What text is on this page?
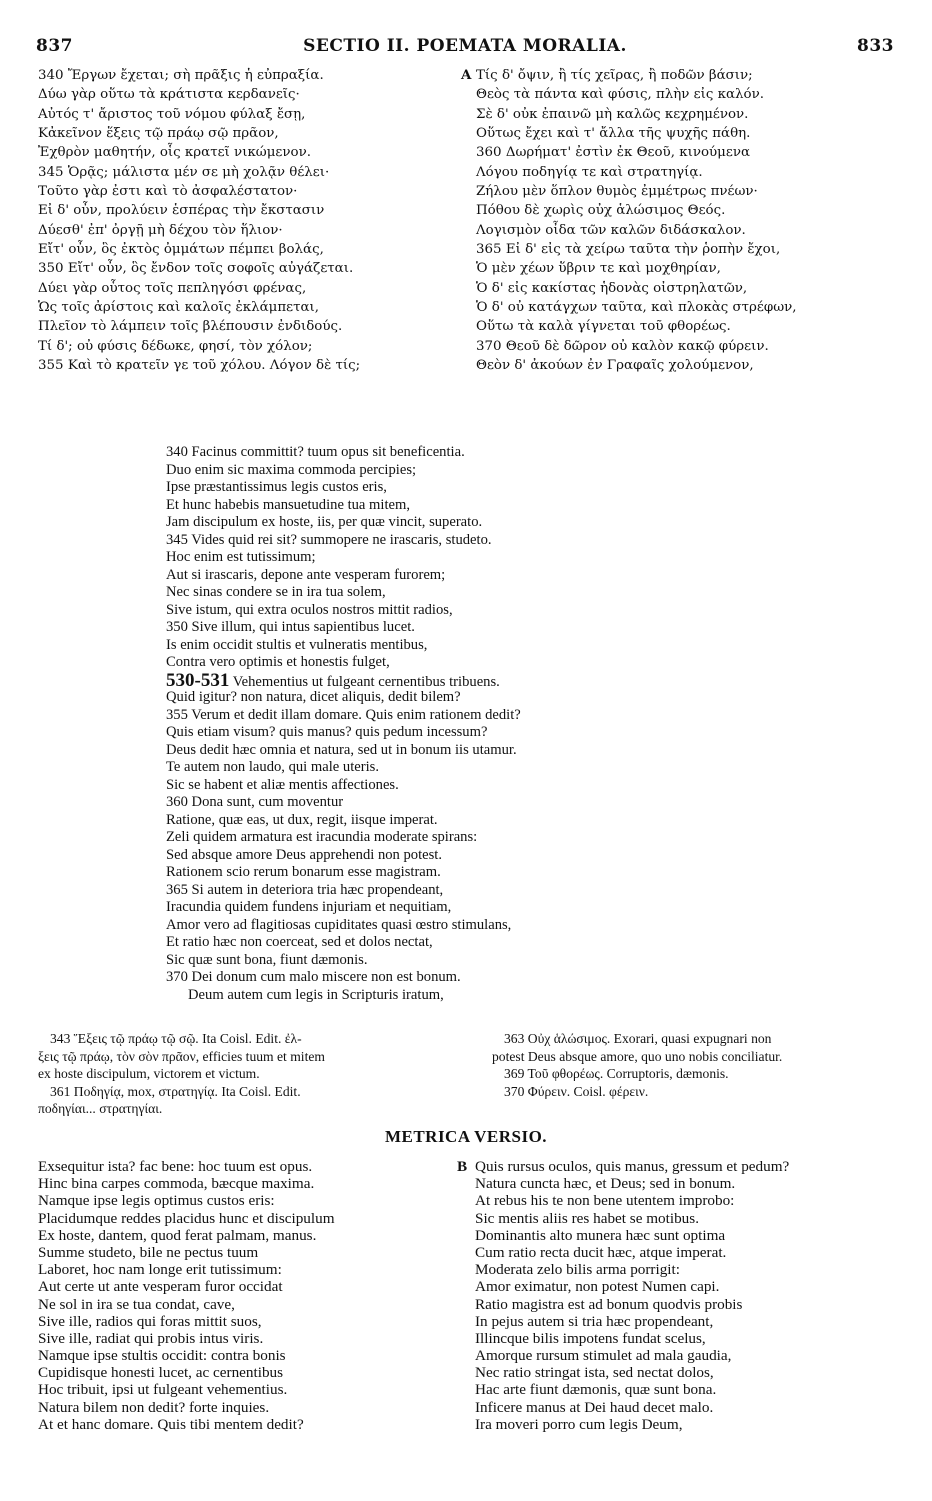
837	SECTIO II. POEMATA MORALIA.	833
340 Ἔργων ἔχεται; σὴ πρᾶξις ἡ εὐπραξία.
Δύω γὰρ οὕτω τὰ κράτιστα κερδανεῖς·
Αὐτός τ' ἄριστος τοῦ νόμου φύλαξ ἔσῃ,
Κἀκεῖνον ἕξεις τῷ πράῳ σῷ πρᾶον,
Ἐχθρὸν μαθητήν, οἷς κρατεῖ νικώμενον.
345 Ὁρᾷς; μάλιστα μέν σε μὴ χολᾷν θέλει·
Τοῦτο γὰρ ἐστι καὶ τὸ ἀσφαλέστατον·
Εἰ δ' οὖν, προλύειν ἑσπέρας τὴν ἔκστασιν
Δύεσθ' ἐπ' ὀργῇ μὴ δέχου τὸν ἥλιον·
Εἴτ' οὖν, ὃς ἐκτὸς ὀμμάτων πέμπει βολάς,
350 Εἴτ' οὖν, ὃς ἔνδον τοῖς σοφοῖς αὐγάζεται.
Δύει γὰρ οὗτος τοῖς πεπληγόσι φρένας,
Ὡς τοῖς ἀρίστοις καὶ καλοῖς ἐκλάμπεται,
Πλεῖον τὸ λάμπειν τοῖς βλέπουσιν ἐνδιδούς.
Τί δ'; οὐ φύσις δέδωκε, φησί, τὸν χόλον;
355 Καὶ τὸ κρατεῖν γε τοῦ χόλου. Λόγον δὲ τίς;
A Τίς δ' ὄψιν, ἢ τίς χεῖρας, ἢ ποδῶν βάσιν;
Θεὸς τὰ πάντα καὶ φύσις, πλὴν εἰς καλόν.
Σὲ δ' οὐκ ἐπαινῶ μὴ καλῶς κεχρημένον.
Οὕτως ἔχει καὶ τ' ἄλλα τῆς ψυχῆς πάθη.
360 Δωρήματ' ἐστὶν ἐκ Θεοῦ, κινούμενα
Λόγου ποδηγίᾳ τε καὶ στρατηγίᾳ.
Ζήλου μὲν ὅπλον θυμὸς ἐμμέτρως πνέων·
Πόθου δὲ χωρὶς οὐχ ἁλώσιμος Θεός.
Λογισμὸν οἶδα τῶν καλῶν διδάσκαλον.
365 Εἰ δ' εἰς τὰ χείρω ταῦτα τὴν ῥοπὴν ἔχοι,
Ὁ μὲν χέων ὕβριν τε καὶ μοχθηρίαν,
Ὁ δ' εἰς κακίστας ἡδονὰς οἰστρηλατῶν,
Ὁ δ' οὐ κατάγχων ταῦτα, καὶ πλοκὰς στρέφων,
Οὕτω τὰ καλὰ γίγνεται τοῦ φθορέως.
370 Θεοῦ δὲ δῶρον οὐ καλὸν κακῷ φύρειν.
Θεὸν δ' ἀκούων ἐν Γραφαῖς χολούμενον,
340 Facinus committit? tuum opus sit beneficentia.
Duo enim sic maxima commoda percipies;
Ipse præstantissimus legis custos eris,
Et hunc habebis mansuetudine tua mitem,
Jam discipulum ex hoste, iis, per quæ vincit, superato.
345 Vides quid rei sit? summopere ne irascaris, studeto.
Hoc enim est tutissimum;
Aut si irascaris, depone ante vesperam furorem;
Nec sinas condere se in ira tua solem,
Sive istum, qui extra oculos nostros mittit radios,
350 Sive illum, qui intus sapientibus lucet.
Is enim occidit stultis et vulneratis mentibus,
Contra vero optimis et honestis fulget,
530-531 Vehementius ut fulgeant cernentibus tribuens.
Quid igitur? non natura, dicet aliquis, dedit bilem?
355 Verum et dedit illam domare. Quis enim rationem dedit?
Quis etiam visum? quis manus? quis pedum incessum?
Deus dedit hæc omnia et natura, sed ut in bonum iis utamur.
Te autem non laudo, qui male uteris.
Sic se habent et aliæ mentis affectiones.
360 Dona sunt, cum moventur
Ratione, quæ eas, ut dux, regit, iisque imperat.
Zeli quidem armatura est iracundia moderate spirans:
Sed absque amore Deus apprehendi non potest.
Rationem scio rerum bonarum esse magistram.
365 Si autem in deteriora tria hæc propendeant,
Iracundia quidem fundens injuriam et nequitiam,
Amor vero ad flagitiosas cupiditates quasi œstro stimulans,
Et ratio hæc non coerceat, sed et dolos nectat,
Sic quæ sunt bona, fiunt dæmonis.
370 Dei donum cum malo miscere non est bonum.
Deum autem cum legis in Scripturis iratum,
343 Ἕξεις τῷ πράῳ τῷ σῷ. Ita Coisl. Edit. ἐλ-
ξεις τῷ πράῳ, τὸν σὸν πρᾶον, efficies tuum et mitem
ex hoste discipulum, victorem et victum.
361 Ποδηγίᾳ, mox, στρατηγίᾳ. Ita Coisl. Edit.
ποδηγίαι... στρατηγίαι.
363 Οὐχ ἁλώσιμος. Exorari, quasi expugnari non
potest Deus absque amore, quo uno nobis conciliatur.
369 Τοῦ φθορέως. Corruptoris, dæmonis.
370 Φύρειν. Coisl. φέρειν.
METRICA VERSIO.
Exsequitur ista? fac bene: hoc tuum est opus.
Hinc bina carpes commoda, bæcque maxima.
Namque ipse legis optimus custos eris:
Placidumque reddes placidus hunc et discipulum
Ex hoste, dantem, quod ferat palmam, manus.
Summe studeto, bile ne pectus tuum
Laboret, hoc nam longe erit tutissimum:
Aut certe ut ante vesperam furor occidat
Ne sol in ira se tua condat, cave,
Sive ille, radios qui foras mittit suos,
Sive ille, radiat qui probis intus viris.
Namque ipse stultis occidit: contra bonis
Cupidisque honesti lucet, ac cernentibus
Hoc tribuit, ipsi ut fulgeant vehementius.
Natura bilem non dedit? forte inquies.
At et hanc domare. Quis tibi mentem dedit?
B Quis rursus oculos, quis manus, gressum et pedum?
Natura cuncta hæc, et Deus; sed in bonum.
At rebus his te non bene utentem improbo:
Sic mentis aliis res habet se motibus.
Dominantis alto munera hæc sunt optima
Cum ratio recta ducit hæc, atque imperat.
Moderata zelo bilis arma porrigit:
Amor eximatur, non potest Numen capi.
Ratio magistra est ad bonum quodvis probis
In pejus autem si tria hæc propendeant,
Illincque bilis impotens fundat scelus,
Amorque rursum stimulet ad mala gaudia,
Nec ratio stringat ista, sed nectat dolos,
Hac arte fiunt dæmonis, quæ sunt bona.
Inficere manus at Dei haud decet malo.
Ira moveri porro cum legis Deum,
